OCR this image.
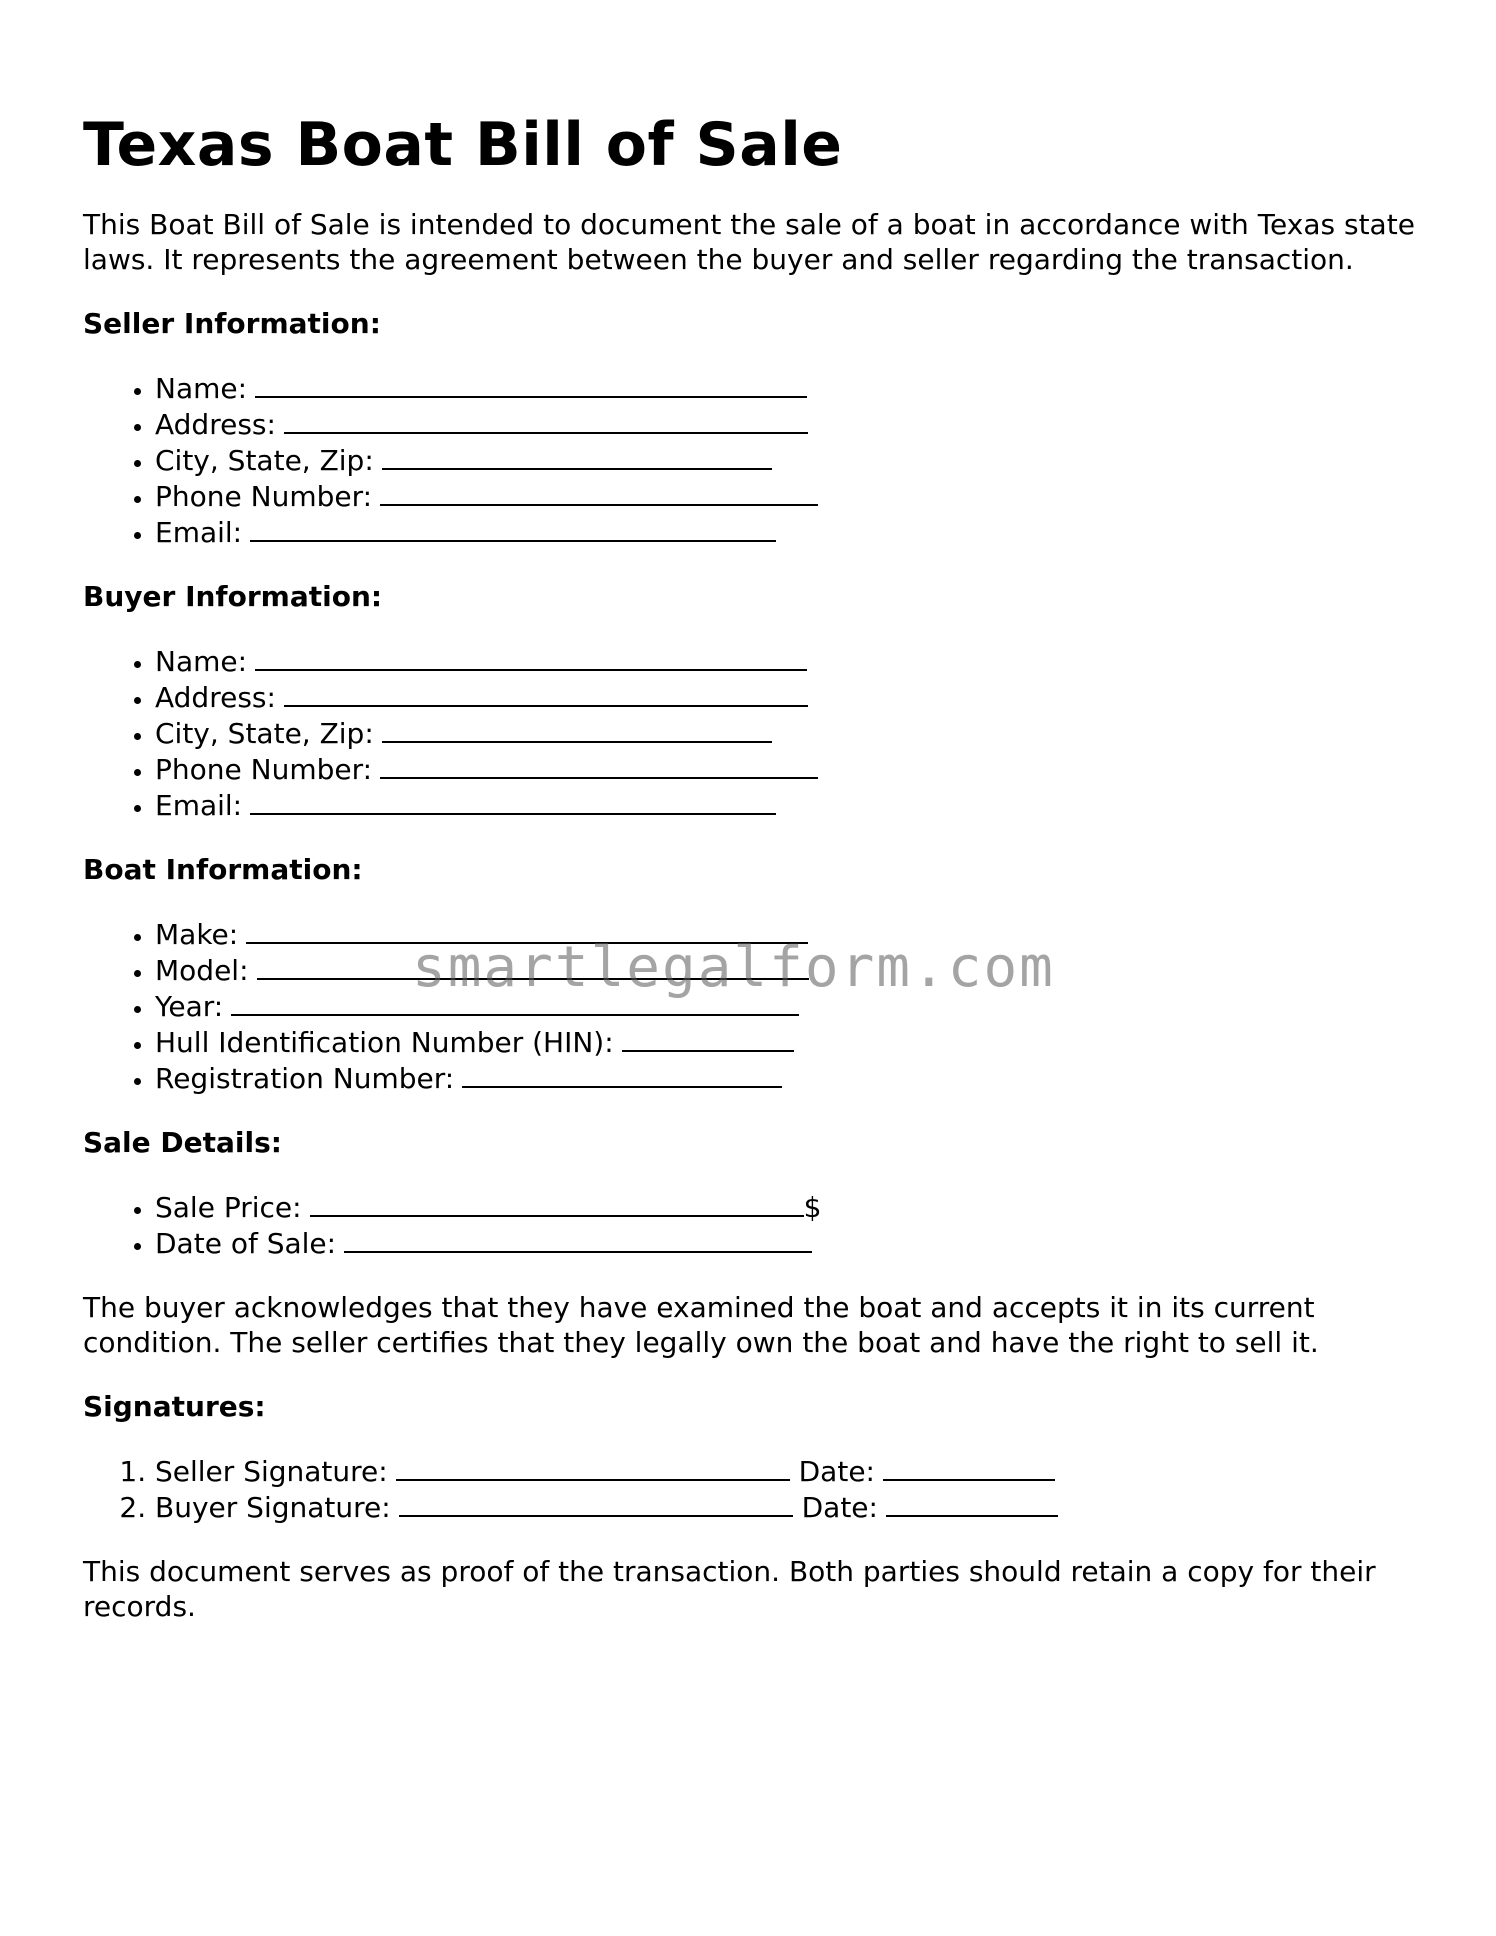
Texas Boat Bill of Sale

This Boat Bill of Sale is intended to document the sale of a boat in accordance with Texas state laws. It represents the agreement between the buyer and seller regarding the transaction.

Seller Information:
• Name:
• Address:
• City, State, Zip:
• Phone Number:
• Email:
Buyer Information:
• Name:
• Address:
• City, State, Zip:
• Phone Number:
• Email:
Boat Information:
• Make:
• Model:
• Year:
• Hull Identification Number (HIN):
• Registration Number:
Sale Details:
• Sale Price:	$
• Date of Sale:

The buyer acknowledges that they have examined the boat and accepts it in its current condition. The seller certifies that they legally own the boat and have the right to sell it.

Signatures:
1. Seller Signature:	Date:
2. Buyer Signature:	Date:

This document serves as proof of the transaction. Both parties should retain a copy for their records.

smartlegalform.com
